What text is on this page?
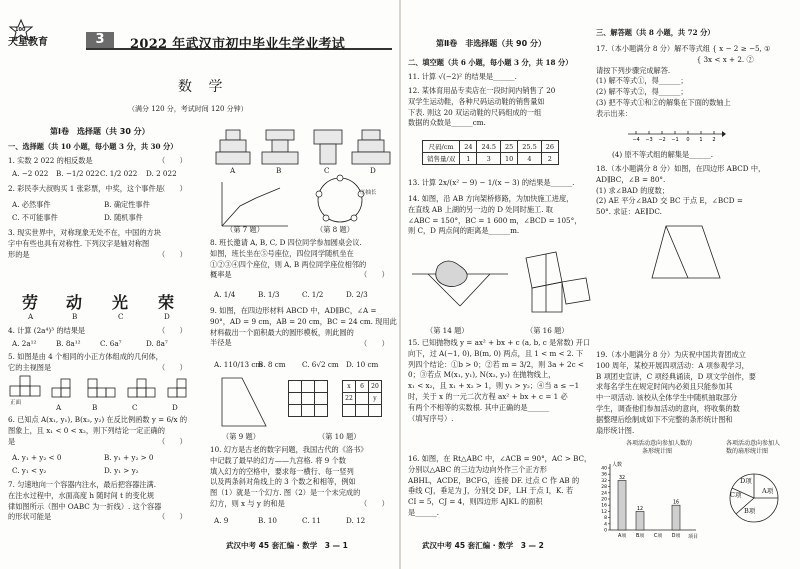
100
天星教育	3	2022 年武汉市初中毕业生学业考试
数 学
（满分 120 分，考试时间 120 分钟）
第Ⅰ卷　选择题（共 30 分）
一、选择题（共 10 小题，每小题 3 分，共 30 分）
1. 实数 2 022 的相反数是	（　　）
A. −2 022 B. −1/2 022 C. 1/2 022 D. 2 022
2. 彩民李大叔购买 1 张彩票，中奖，这个事件是
（　　）
A. 必然事件	B. 确定性事件
C. 不可能事件	D. 随机事件
3. 现实世界中，对称现象无处不在，中国的方块
字中有些也具有对称性. 下列汉字是轴对称图
形的是	（　　）
劳 动 光 荣
A	B	C	D
4. 计算 (2a⁴)³ 的结果是	（　　）
A. 2a¹²	B. 8a¹²	C. 6a⁷	D. 8a⁷
5. 如图是由 4 个相同的小正方体组成的几何体，
它的主视图是	（　　）
正面	A	B	C	D
6. 已知点 A(x₁, y₁), B(x₂, y₂) 在反比例函数 y = 6/x 的
图象上，且 x₁ < 0 < x₂，则下列结论一定正确的
是	（　　）
A. y₁ + y₂ < 0	B. y₁ + y₂ > 0
C. y₁ < y₂	D. y₁ > y₂
7. 匀速地向一个容器内注水，最后把容器注满.
在注水过程中，水面高度 h 随时间 t 的变化规
律如图所示（图中 OABC 为一折线）. 这个容器
的形状可能是	（　　）
A	B	C	D
②抽长
（第 7 题）	（第 8 题）
8. 班长邀请 A, B, C, D 四位同学参加圆桌会议.
如图，班长坐在⑤号座位，四位同学随机坐在
①②③④四个座位，则 A, B 两位同学座位相邻的
概率是	（　　）
A. 1/4	B. 1/3	C. 1/2	D. 2/3
9. 如图，在四边形材料 ABCD 中，AD∥BC，∠A =
90°，AD = 9 cm，AB = 20 cm，BC = 24 cm. 现用此
材料截出一个面积最大的圆形模板，则此圆的
半径是	（　　）
A. 110/13 cm
B. 8 cm C. 6√2 cm D. 10 cm

x	6	20
22		y

（第 9 题）	（第 10 题）
10. 幻方是古老的数字问题，我国古代的《洛书》
中记载了最早的幻方——九宫格. 将 9 个数
填入幻方的空格中，要求每一横行、每一竖列
以及两条斜对角线上的 3 个数之和相等，例如
图（1）就是一个幻方. 图（2）是一个未完成的
幻方，则 x 与 y 的和是	（　　）
A. 9	B. 10	C. 11	D. 12
武汉中考 45 套汇编 · 数学　3 — 1
第Ⅱ卷　非选择题（共 90 分）
二、填空题（共 6 小题，每小题 3 分，共 18 分）
11. 计算 √(−2)² 的结果是______.
12. 某体育用品专卖店在一段时间内销售了 20
双学生运动鞋，各种尺码运动鞋的销售量如
下表. 则这 20 双运动鞋的尺码组成的一组
数据的众数是______cm.
尺码/cm	24	24.5	25	25.5	26
销售量/双	1	3	10	4	2
13. 计算 2x/(x² − 9) − 1/(x − 3) 的结果是______.
14. 如图，沿 AB 方向架桥修路，为加快施工进度，
在直线 AB 上湖的另一边的 D 处同时施工. 取
∠ABC = 150°，BC = 1 600 m，∠BCD = 105°，
则 C，D 两点间的距离是______m.
（第 14 题）	（第 16 题）
15. 已知抛物线 y = ax² + bx + c (a, b, c 是常数) 开口
向下，过 A(−1, 0), B(m, 0) 两点，且 1 < m < 2. 下
列四个结论：①b > 0；②若 m = 3/2，则 3a + 2c <
0；③若点 M(x₁, y₁), N(x₂, y₂) 在抛物线上，
x₁ < x₂，且 x₁ + x₂ > 1，则 y₁ > y₂；④当 a ≤ −1
时，关于 x 的一元二次方程 ax² + bx + c = 1 必
有两个不相等的实数根. 其中正确的是______
（填写序号）.
16. 如图，在 Rt△ABC 中，∠ACB = 90°，AC > BC，
分别以△ABC 的三边为边向外作三个正方形
ABHL，ACDE，BCFG，连接 DF. 过点 C 作 AB 的
垂线 CJ，垂足为 J，分别交 DF，LH 于点 I，K. 若
CI = 5，CJ = 4，则四边形 AJKL 的面积
是______.
武汉中考 45 套汇编 · 数学　3 — 2
三、解答题（共 8 小题，共 72 分）
17.（本小题满分 8 分）解不等式组 { x − 2 ≥ −5, ①
　　　　　　　　　　　　　　{ 3x < x + 2. ②
请按下列步骤完成解答.
(1) 解不等式①，得______；
(2) 解不等式②，得______；
(3) 把不等式①和②的解集在下面的数轴上
表示出来：
−4 −3 −2 −1 0 1 2
(4) 原不等式组的解集是______.
18.（本小题满分 8 分）如图，在四边形 ABCD 中，
AD∥BC，∠B = 80°.
(1) 求∠BAD 的度数；
(2) AE 平分∠BAD 交 BC 于点 E，∠BCD =
50°. 求证：AE∥DC.
19.（本小题满分 8 分）为庆祝中国共青团成立
100 周年，某校开展四项活动：A 项参观学习，
B 项团史宣讲，C 项经典诵读，D 项文学创作，要
求每名学生在规定时间内必须且只能参加其
中一项活动. 该校从全体学生中随机抽取部分
学生，调查他们参加活动的意向，将收集的数
据整理后绘制成如下不完整的条形统计图和
扇形统计图.
各项活动意向参加人数的
条形统计图
各项活动意向参加人
数的扇形统计图
0
4
8
12
16
20
24
28
32
36
40
人数
项目
32
A项
12
B项 C项
16
D项
A项
B项
C项
D项
